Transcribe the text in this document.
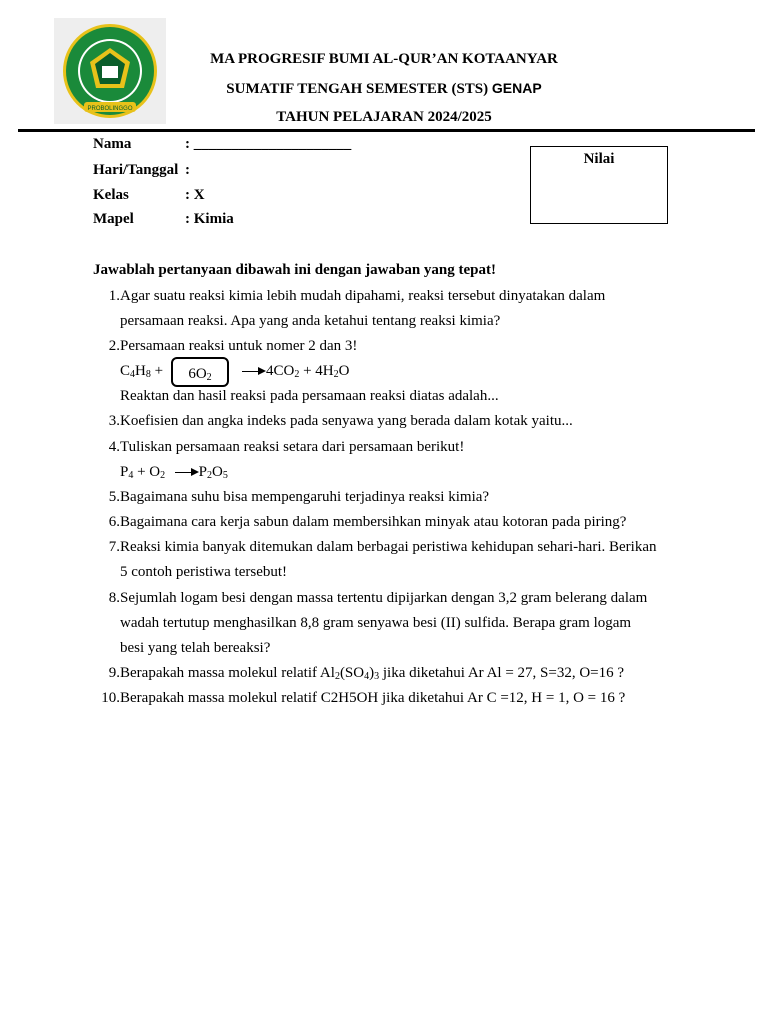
PROBOLINGGO
MA PROGRESIF BUMI AL-QUR’AN KOTAANYAR
SUMATIF TENGAH SEMESTER (STS) GENAP
TAHUN PELAJARAN 2024/2025
Nama	: _____________________
Hari/Tanggal :
Kelas	: X
Mapel	: Kimia
Nilai
Jawablah pertanyaan dibawah ini dengan jawaban yang tepat!
1. Agar suatu reaksi kimia lebih mudah dipahami, reaksi tersebut dinyatakan dalam
persamaan reaksi. Apa yang anda ketahui tentang reaksi kimia?
2. Persamaan reaksi untuk nomer 2 dan 3!
$C_4H_8$ +	$6O_2$
→ $4CO_2 + 4H_2O$
Reaktan dan hasil reaksi pada persamaan reaksi diatas adalah...
3. Koefisien dan angka indeks pada senyawa yang berada dalam kotak yaitu...
4. Tuliskan persamaan reaksi setara dari persamaan berikut!
$P_4 + O_2 \to P_2O_5$
5. Bagaimana suhu bisa mempengaruhi terjadinya reaksi kimia?
6. Bagaimana cara kerja sabun dalam membersihkan minyak atau kotoran pada piring?
7. Reaksi kimia banyak ditemukan dalam berbagai peristiwa kehidupan sehari-hari. Berikan
5 contoh peristiwa tersebut!
8. Sejumlah logam besi dengan massa tertentu dipijarkan dengan 3,2 gram belerang dalam
wadah tertutup menghasilkan 8,8 gram senyawa besi (II) sulfida. Berapa gram logam
besi yang telah bereaksi?
9. Berapakah massa molekul relatif $Al_2(SO_4)_3$ jika diketahui Ar Al = 27, S=32, O=16 ?
10. Berapakah massa molekul relatif C2H5OH jika diketahui Ar C =12, H = 1, O = 16 ?
